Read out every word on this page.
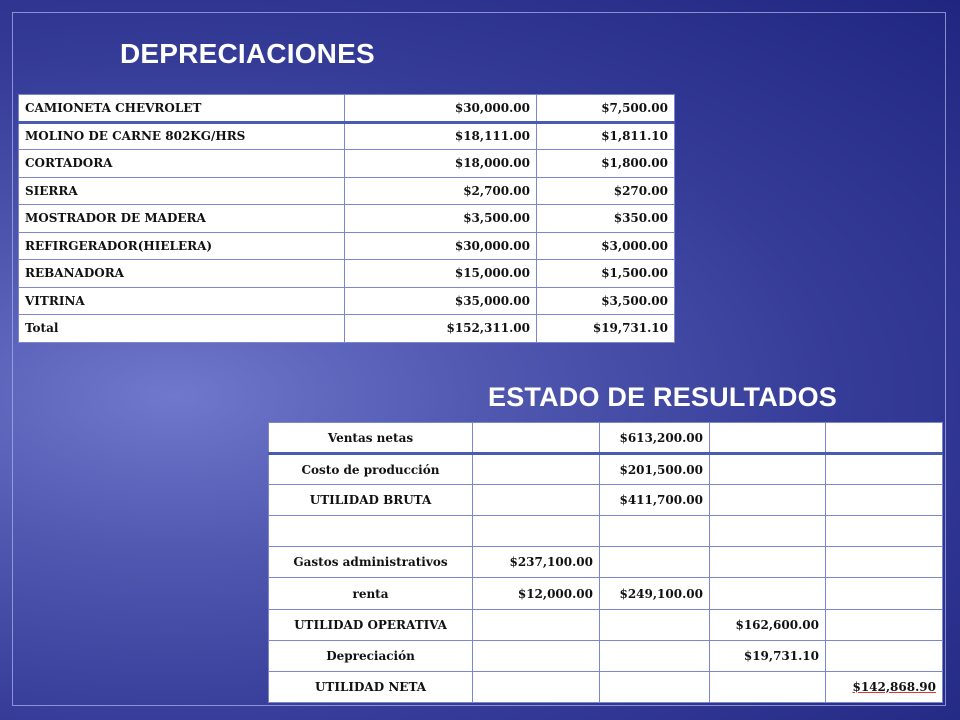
DEPRECIACIONES
CAMIONETA CHEVROLET	$30,000.00	$7,500.00
MOLINO DE CARNE 802KG/HRS	$18,111.00	$1,811.10
CORTADORA	$18,000.00	$1,800.00
SIERRA	$2,700.00	$270.00
MOSTRADOR DE MADERA	$3,500.00	$350.00
REFIRGERADOR(HIELERA)	$30,000.00	$3,000.00
REBANADORA	$15,000.00	$1,500.00
VITRINA	$35,000.00	$3,500.00
Total	$152,311.00	$19,731.10
ESTADO DE RESULTADOS
Ventas netas		$613,200.00		
Costo de producción		$201,500.00		
UTILIDAD BRUTA		$411,700.00		

Gastos administrativos	$237,100.00			
renta	$12,000.00	$249,100.00		
UTILIDAD OPERATIVA			$162,600.00	
Depreciación			$19,731.10	
UTILIDAD NETA				$142,868.90
